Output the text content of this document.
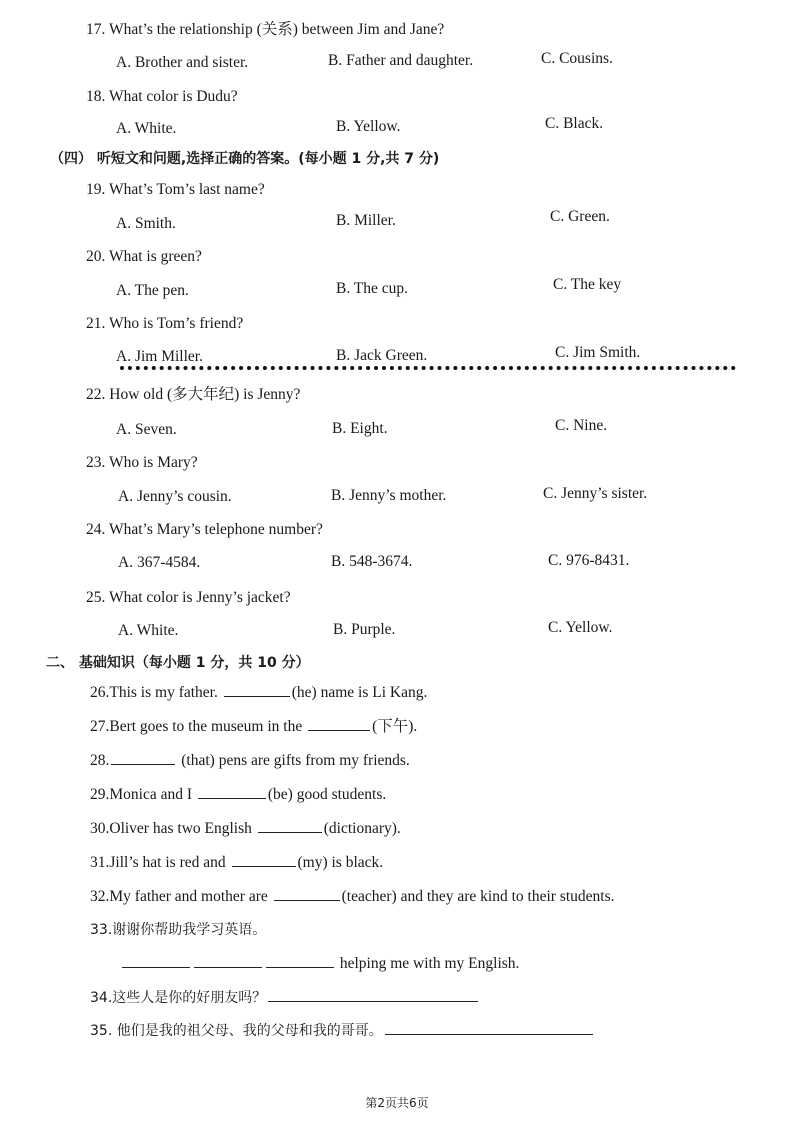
17. What’s the relationship (关系) between Jim and Jane?
A. Brother and sister.	B. Father and daughter.	C. Cousins.
18. What color is Dudu?
A. White.	B. Yellow.	C. Black.
（四） 听短文和问题,选择正确的答案。(每小题 1 分,共 7 分)
19. What’s Tom’s last name?
A. Smith.	B. Miller.	C. Green.
20. What is green?
A. The pen.	B. The cup.	C. The key
21. Who is Tom’s friend?
A. Jim Miller.	B. Jack Green.	C. Jim Smith.
22. How old (多大年纪) is Jenny?
A. Seven.	B. Eight.	C. Nine.
23. Who is Mary?
A. Jenny’s cousin.	B. Jenny’s mother.	C. Jenny’s sister.
24. What’s Mary’s telephone number?
A. 367-4584.	B. 548-3674.	C. 976-8431.
25. What color is Jenny’s jacket?
A. White.	B. Purple.	C. Yellow.
二、 基础知识（每小题 1 分，共 10 分）
26.This is my father.	(he) name is Li Kang.
27.Bert goes to the museum in the	(下午).
28.	(that) pens are gifts from my friends.
29.Monica and I	(be) good students.
30.Oliver has two English	(dictionary).
31.Jill’s hat is red and	(my) is black.
32.My father and mother are	(teacher) and they are kind to their students.
33.谢谢你帮助我学习英语。
helping me with my English.
34.这些人是你的好朋友吗？
35. 他们是我的祖父母、我的父母和我的哥哥。
第2页共6页
